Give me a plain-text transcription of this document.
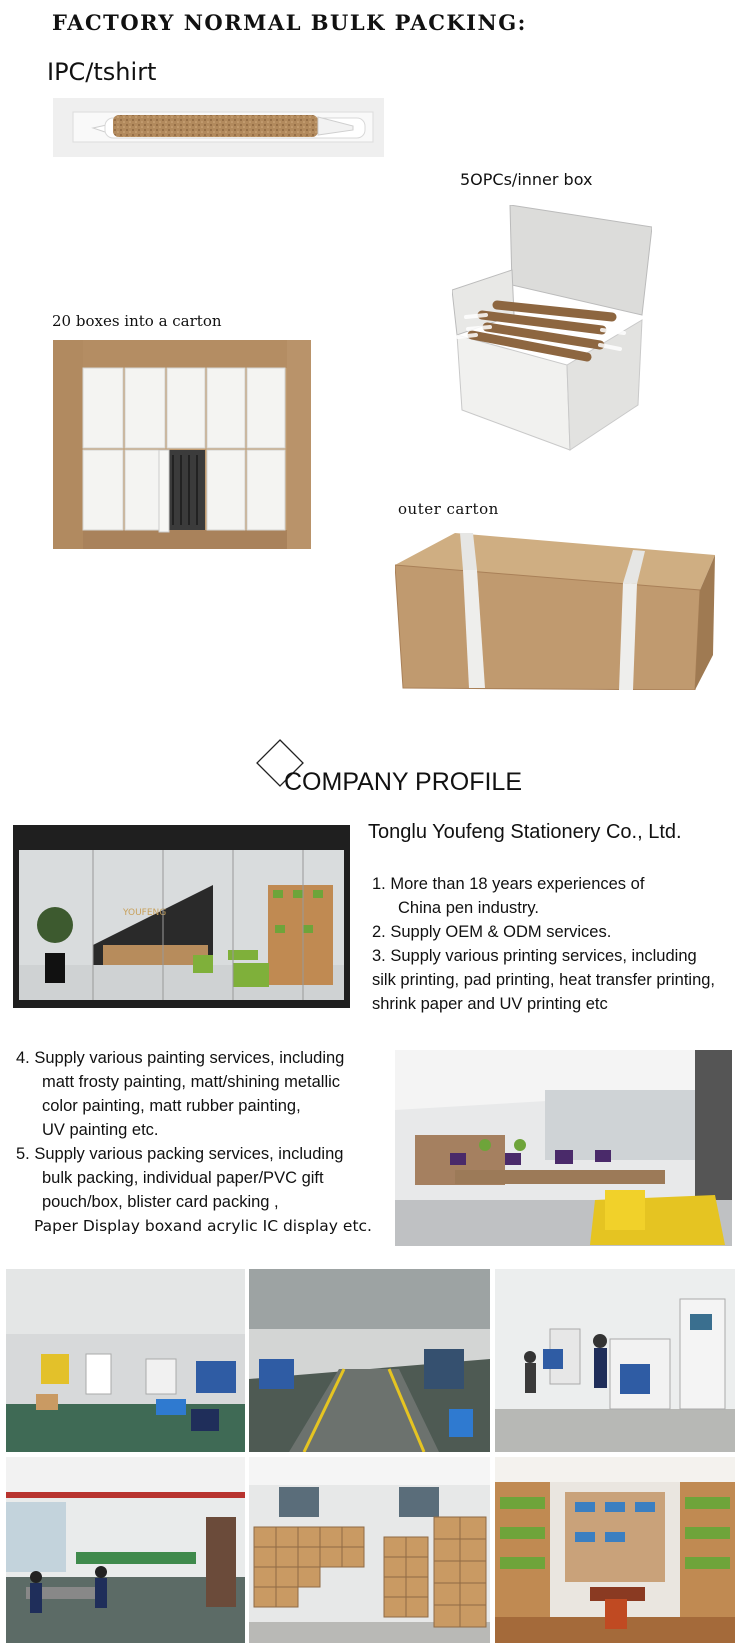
FACTORY NORMAL BULK PACKING:
IPC/tshirt
5OPCs/inner box
20 boxes into a carton
outer carton
COMPANY PROFILE
YOUFENG
Tonglu Youfeng Stationery Co., Ltd.
1. More than 18 years experiences of
China pen industry.
2. Supply OEM & ODM services.
3. Supply various printing services, including
silk printing, pad printing, heat transfer printing,
shrink paper and UV printing etc
4. Supply various painting services, including
matt frosty painting, matt/shining metallic
color painting, matt rubber painting,
UV painting etc.
5. Supply various packing services, including
bulk packing, individual paper/PVC gift
pouch/box, blister card packing ,
Paper Display boxand acrylic IC display etc.
